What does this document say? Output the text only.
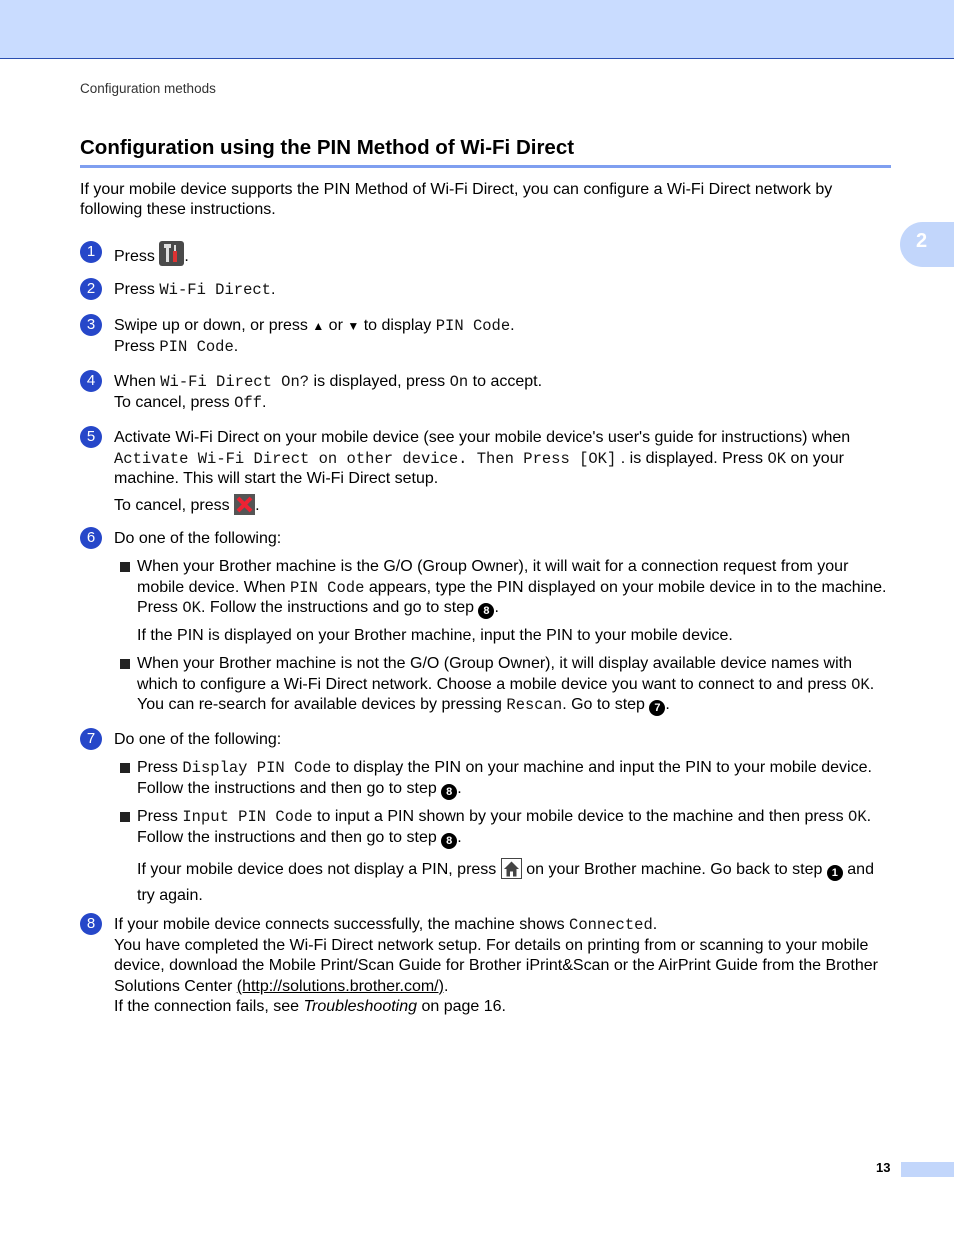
Configuration methods
2
Configuration using the PIN Method of Wi-Fi Direct

If your mobile device supports the PIN Method of Wi-Fi Direct, you can configure a Wi-Fi Direct network by following these instructions.

1	Press .
2	Press Wi-Fi Direct.
3	Swipe up or down, or press ▲ or ▼ to display PIN Code.

Press PIN Code.

4	When Wi-Fi Direct On? is displayed, press On to accept.

To cancel, press Off.

5	Activate Wi-Fi Direct on your mobile device (see your mobile device's user's guide for instructions) when Activate Wi-Fi Direct on other device. Then Press [OK] . is displayed. Press OK on your machine. This will start the Wi-Fi Direct setup.

To cancel, press .

6	Do one of the following:

When your Brother machine is the G/O (Group Owner), it will wait for a connection request from your mobile device. When PIN Code appears, type the PIN displayed on your mobile device in to the machine. Press OK. Follow the instructions and go to step 8 .

If the PIN is displayed on your Brother machine, input the PIN to your mobile device.

When your Brother machine is not the G/O (Group Owner), it will display available device names with which to configure a Wi-Fi Direct network. Choose a mobile device you want to connect to and press OK. You can re-search for available devices by pressing Rescan. Go to step 7 .

7	Do one of the following:

Press Display PIN Code to display the PIN on your machine and input the PIN to your mobile device. Follow the instructions and then go to step 8 .

Press Input PIN Code to input a PIN shown by your mobile device to the machine and then press OK. Follow the instructions and then go to step 8 .

If your mobile device does not display a PIN, press on your Brother machine. Go back to step 1 and try again.

8	If your mobile device connects successfully, the machine shows Connected.

You have completed the Wi-Fi Direct network setup. For details on printing from or scanning to your mobile device, download the Mobile Print/Scan Guide for Brother iPrint&Scan or the AirPrint Guide from the Brother Solutions Center (http://solutions.brother.com/).

If the connection fails, see Troubleshooting on page 16.

13
